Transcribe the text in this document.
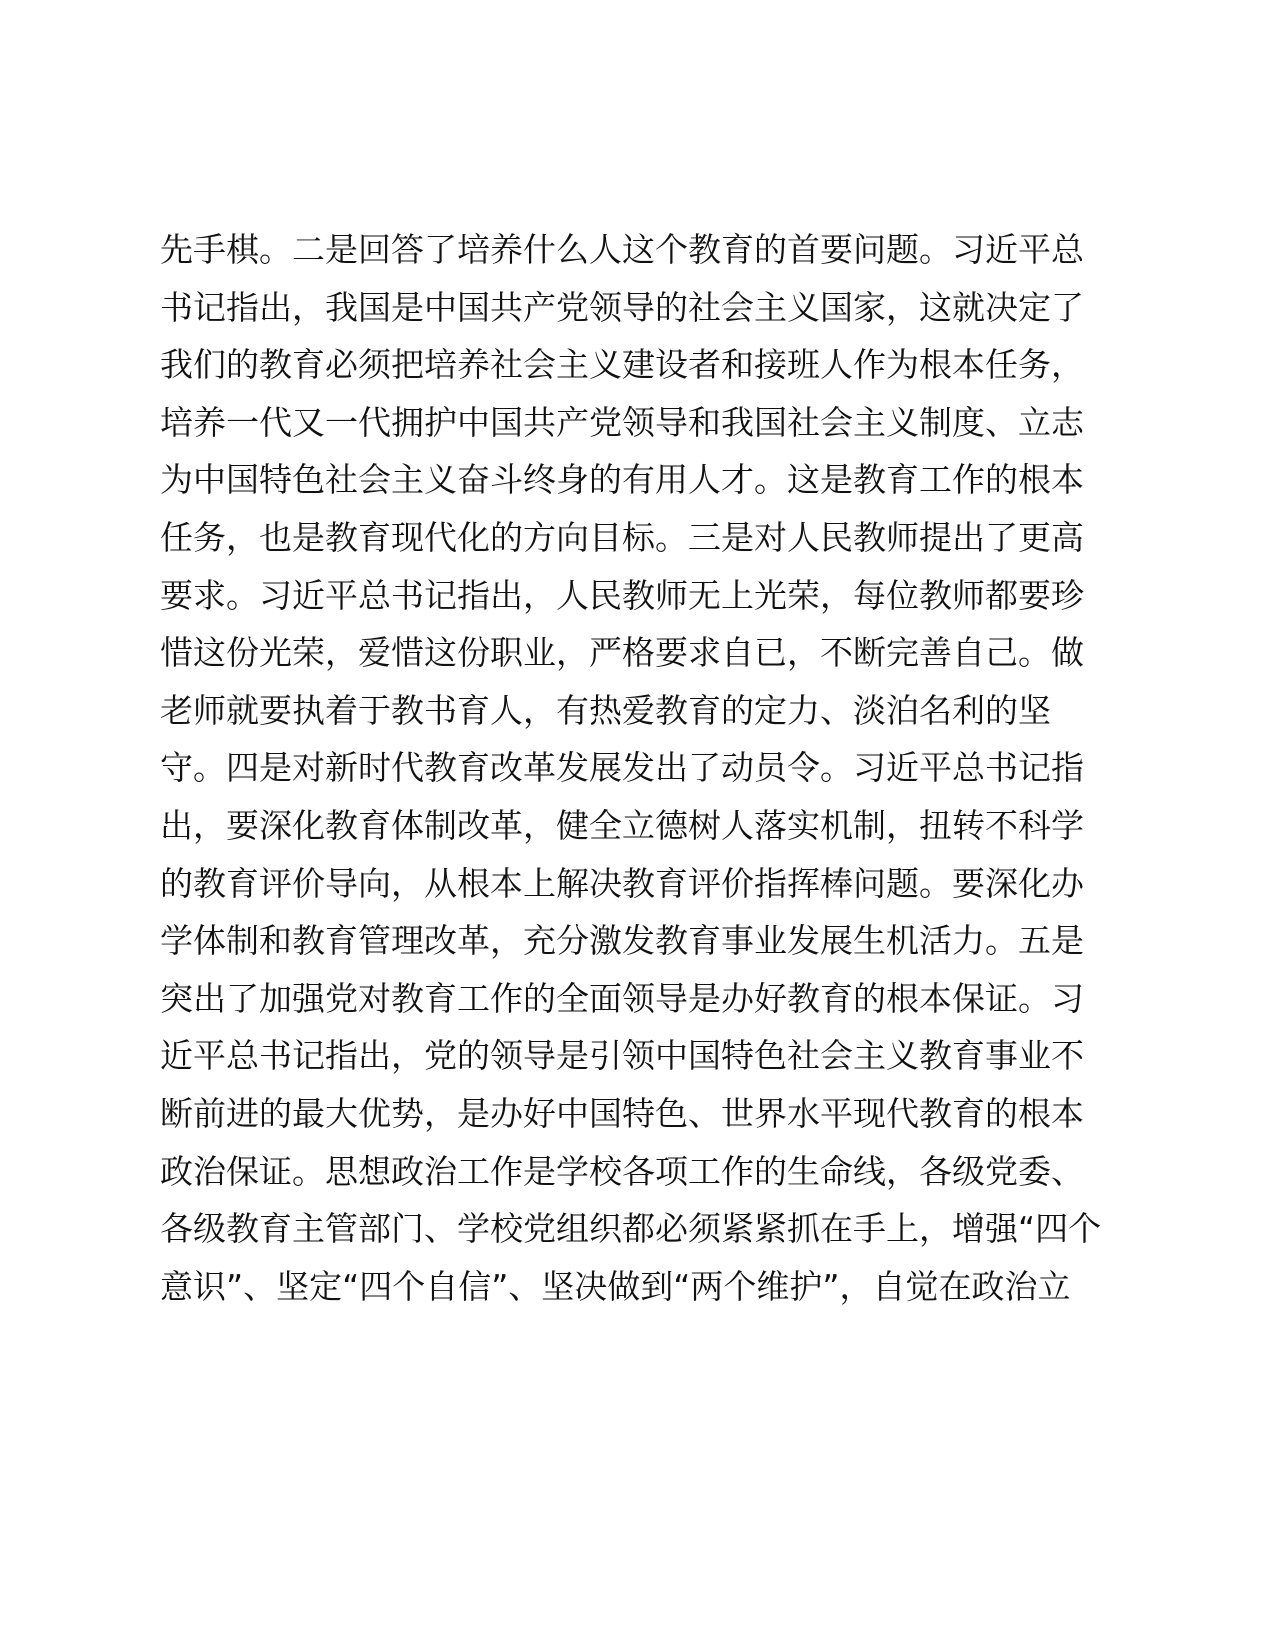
先手棋。二是回答了培养什么人这个教育的首要问题。习近平总
书记指出，我国是中国共产党领导的社会主义国家，这就决定了
我们的教育必须把培养社会主义建设者和接班人作为根本任务，
培养一代又一代拥护中国共产党领导和我国社会主义制度、立志
为中国特色社会主义奋斗终身的有用人才。这是教育工作的根本
任务，也是教育现代化的方向目标。三是对人民教师提出了更高
要求。习近平总书记指出，人民教师无上光荣，每位教师都要珍
惜这份光荣，爱惜这份职业，严格要求自已，不断完善自己。做
老师就要执着于教书育人，有热爱教育的定力、淡泊名利的坚
守。四是对新时代教育改革发展发出了动员令。习近平总书记指
出，要深化教育体制改革，健全立德树人落实机制，扭转不科学
的教育评价导向，从根本上解决教育评价指挥棒问题。要深化办
学体制和教育管理改革，充分激发教育事业发展生机活力。五是
突出了加强党对教育工作的全面领导是办好教育的根本保证。习
近平总书记指出，党的领导是引领中国特色社会主义教育事业不
断前进的最大优势，是办好中国特色、世界水平现代教育的根本
政治保证。思想政治工作是学校各项工作的生命线，各级党委、
各级教育主管部门、学校党组织都必须紧紧抓在手上，增强“四个
意识”、坚定“四个自信”、坚决做到“两个维护”，自觉在政治立
